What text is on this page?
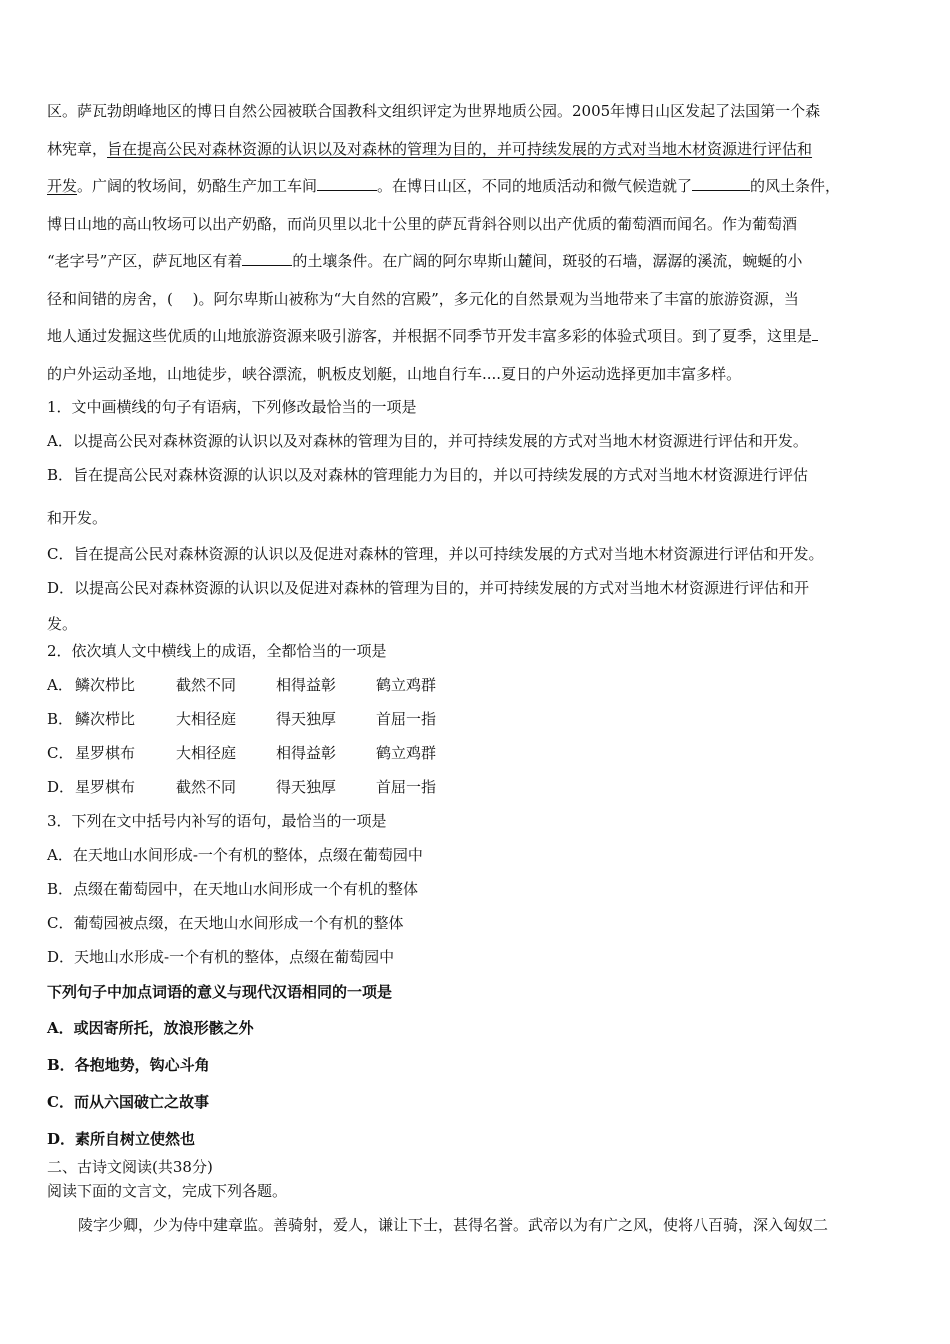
区。萨瓦勃朗峰地区的博日自然公园被联合国教科文组织评定为世界地质公园。2005年博日山区发起了法国第一个森

林宪章，旨在提高公民对森林资源的认识以及对森林的管理为目的，并可持续发展的方式对当地木材资源进行评估和

开发。广阔的牧场间，奶酪生产加工车间	。在博日山区，不同的地质活动和微气候造就了	的风土条件，

博日山地的高山牧场可以出产奶酪，而尚贝里以北十公里的萨瓦背斜谷则以出产优质的葡萄酒而闻名。作为葡萄酒

“老字号”产区，萨瓦地区有着	的土壤条件。在广阔的阿尔卑斯山麓间，斑驳的石墙，潺潺的溪流，蜿蜒的小

径和间错的房舍，(　 )。阿尔卑斯山被称为“大自然的宫殿”，多元化的自然景观为当地带来了丰富的旅游资源，当

地人通过发掘这些优质的山地旅游资源来吸引游客，并根据不同季节开发丰富多彩的体验式项目。到了夏季，这里是

的户外运动圣地，山地徒步，峡谷漂流，帆板皮划艇，山地自行车....夏日的户外运动选择更加丰富多样。

1．文中画横线的句子有语病，下列修改最恰当的一项是
A．以提高公民对森林资源的认识以及对森林的管理为目的，并可持续发展的方式对当地木材资源进行评估和开发。
B．旨在提高公民对森林资源的认识以及对森林的管理能力为目的，并以可持续发展的方式对当地木材资源进行评估
和开发。
C．旨在提高公民对森林资源的认识以及促进对森林的管理，并以可持续发展的方式对当地木材资源进行评估和开发。
D．以提高公民对森林资源的认识以及促进对森林的管理为目的，并可持续发展的方式对当地木材资源进行评估和开
发。
2．依次填人文中横线上的成语，全都恰当的一项是
A． 鳞次栉比	截然不同	相得益彰	鹤立鸡群
B． 鳞次栉比	大相径庭	得天独厚	首屈一指
C． 星罗棋布	大相径庭	相得益彰	鹤立鸡群
D． 星罗棋布	截然不同	得天独厚	首屈一指
3．下列在文中括号内补写的语句，最恰当的一项是
A．在天地山水间形成-一个有机的整体，点缀在葡萄园中
B．点缀在葡萄园中，在天地山水间形成一个有机的整体
C．葡萄园被点缀，在天地山水间形成一个有机的整体
D．天地山水形成-一个有机的整体，点缀在葡萄园中
下列句子中加点词语的意义与现代汉语相同的一项是
A．或因寄所托，放浪形骸之外
B．各抱地势，钩心斗角
C．而从六国破亡之故事
D．素所自树立使然也
二、古诗文阅读(共38分)
阅读下面的文言文，完成下列各题。
陵字少卿，少为侍中建章监。善骑射，爱人，谦让下士，甚得名誉。武帝以为有广之风，使将八百骑，深入匈奴二
